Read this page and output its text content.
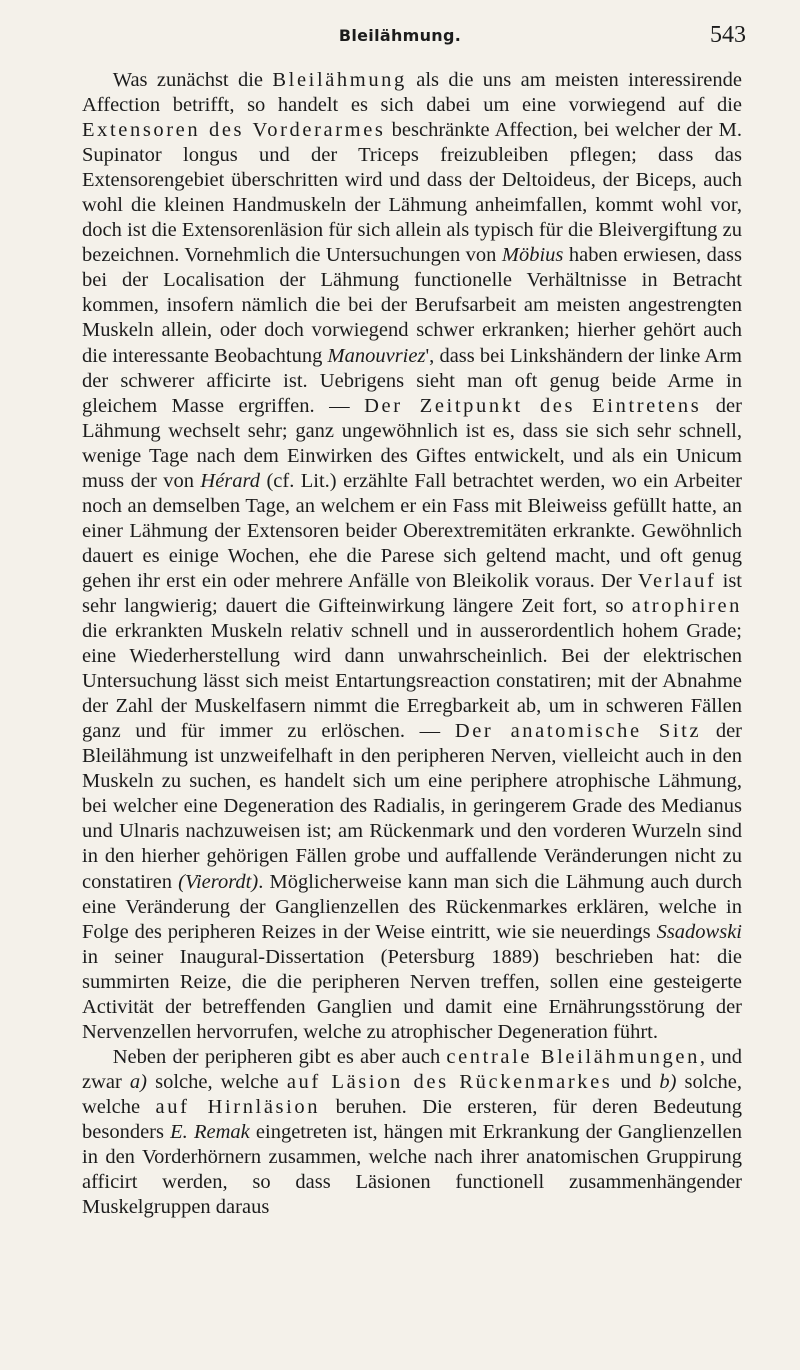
Bleilähmung.	543

Was zunächst die Bleilähmung als die uns am meisten interessirende Affection betrifft, so handelt es sich dabei um eine vorwiegend auf die Extensoren des Vorderarmes beschränkte Affection, bei welcher der M. Supinator longus und der Triceps freizubleiben pflegen; dass das Extensorengebiet überschritten wird und dass der Deltoideus, der Biceps, auch wohl die kleinen Handmuskeln der Lähmung anheimfallen, kommt wohl vor, doch ist die Extensorenläsion für sich allein als typisch für die Bleivergiftung zu bezeichnen. Vornehmlich die Untersuchungen von Möbius haben erwiesen, dass bei der Localisation der Lähmung functionelle Verhältnisse in Betracht kommen, insofern nämlich die bei der Berufsarbeit am meisten angestrengten Muskeln allein, oder doch vorwiegend schwer erkranken; hierher gehört auch die interessante Beobachtung Manouvriez', dass bei Linkshändern der linke Arm der schwerer afficirte ist. Uebrigens sieht man oft genug beide Arme in gleichem Masse ergriffen. — Der Zeitpunkt des Eintretens der Lähmung wechselt sehr; ganz ungewöhnlich ist es, dass sie sich sehr schnell, wenige Tage nach dem Einwirken des Giftes entwickelt, und als ein Unicum muss der von Hérard (cf. Lit.) erzählte Fall betrachtet werden, wo ein Arbeiter noch an demselben Tage, an welchem er ein Fass mit Bleiweiss gefüllt hatte, an einer Lähmung der Extensoren beider Oberextremitäten erkrankte. Gewöhnlich dauert es einige Wochen, ehe die Parese sich geltend macht, und oft genug gehen ihr erst ein oder mehrere Anfälle von Bleikolik voraus. Der Verlauf ist sehr langwierig; dauert die Gifteinwirkung längere Zeit fort, so atrophiren die erkrankten Muskeln relativ schnell und in ausserordentlich hohem Grade; eine Wiederherstellung wird dann unwahrscheinlich. Bei der elektrischen Untersuchung lässt sich meist Entartungsreaction constatiren; mit der Abnahme der Zahl der Muskelfasern nimmt die Erregbarkeit ab, um in schweren Fällen ganz und für immer zu erlöschen. — Der anatomische Sitz der Bleilähmung ist unzweifelhaft in den peripheren Nerven, vielleicht auch in den Muskeln zu suchen, es handelt sich um eine periphere atrophische Lähmung, bei welcher eine Degeneration des Radialis, in geringerem Grade des Medianus und Ulnaris nachzuweisen ist; am Rückenmark und den vorderen Wurzeln sind in den hierher gehörigen Fällen grobe und auffallende Veränderungen nicht zu constatiren (Vierordt). Möglicherweise kann man sich die Lähmung auch durch eine Veränderung der Ganglienzellen des Rückenmarkes erklären, welche in Folge des peripheren Reizes in der Weise eintritt, wie sie neuerdings Ssadowski in seiner Inaugural-Dissertation (Petersburg 1889) beschrieben hat: die summirten Reize, die die peripheren Nerven treffen, sollen eine gesteigerte Activität der betreffenden Ganglien und damit eine Ernährungsstörung der Nervenzellen hervorrufen, welche zu atrophischer Degeneration führt.

Neben der peripheren gibt es aber auch centrale Bleilähmungen, und zwar a) solche, welche auf Läsion des Rückenmarkes und b) solche, welche auf Hirnläsion beruhen. Die ersteren, für deren Bedeutung besonders E. Remak eingetreten ist, hängen mit Erkrankung der Ganglienzellen in den Vorderhörnern zusammen, welche nach ihrer anatomischen Gruppirung afficirt werden, so dass Läsionen functionell zusammenhängender Muskelgruppen daraus
